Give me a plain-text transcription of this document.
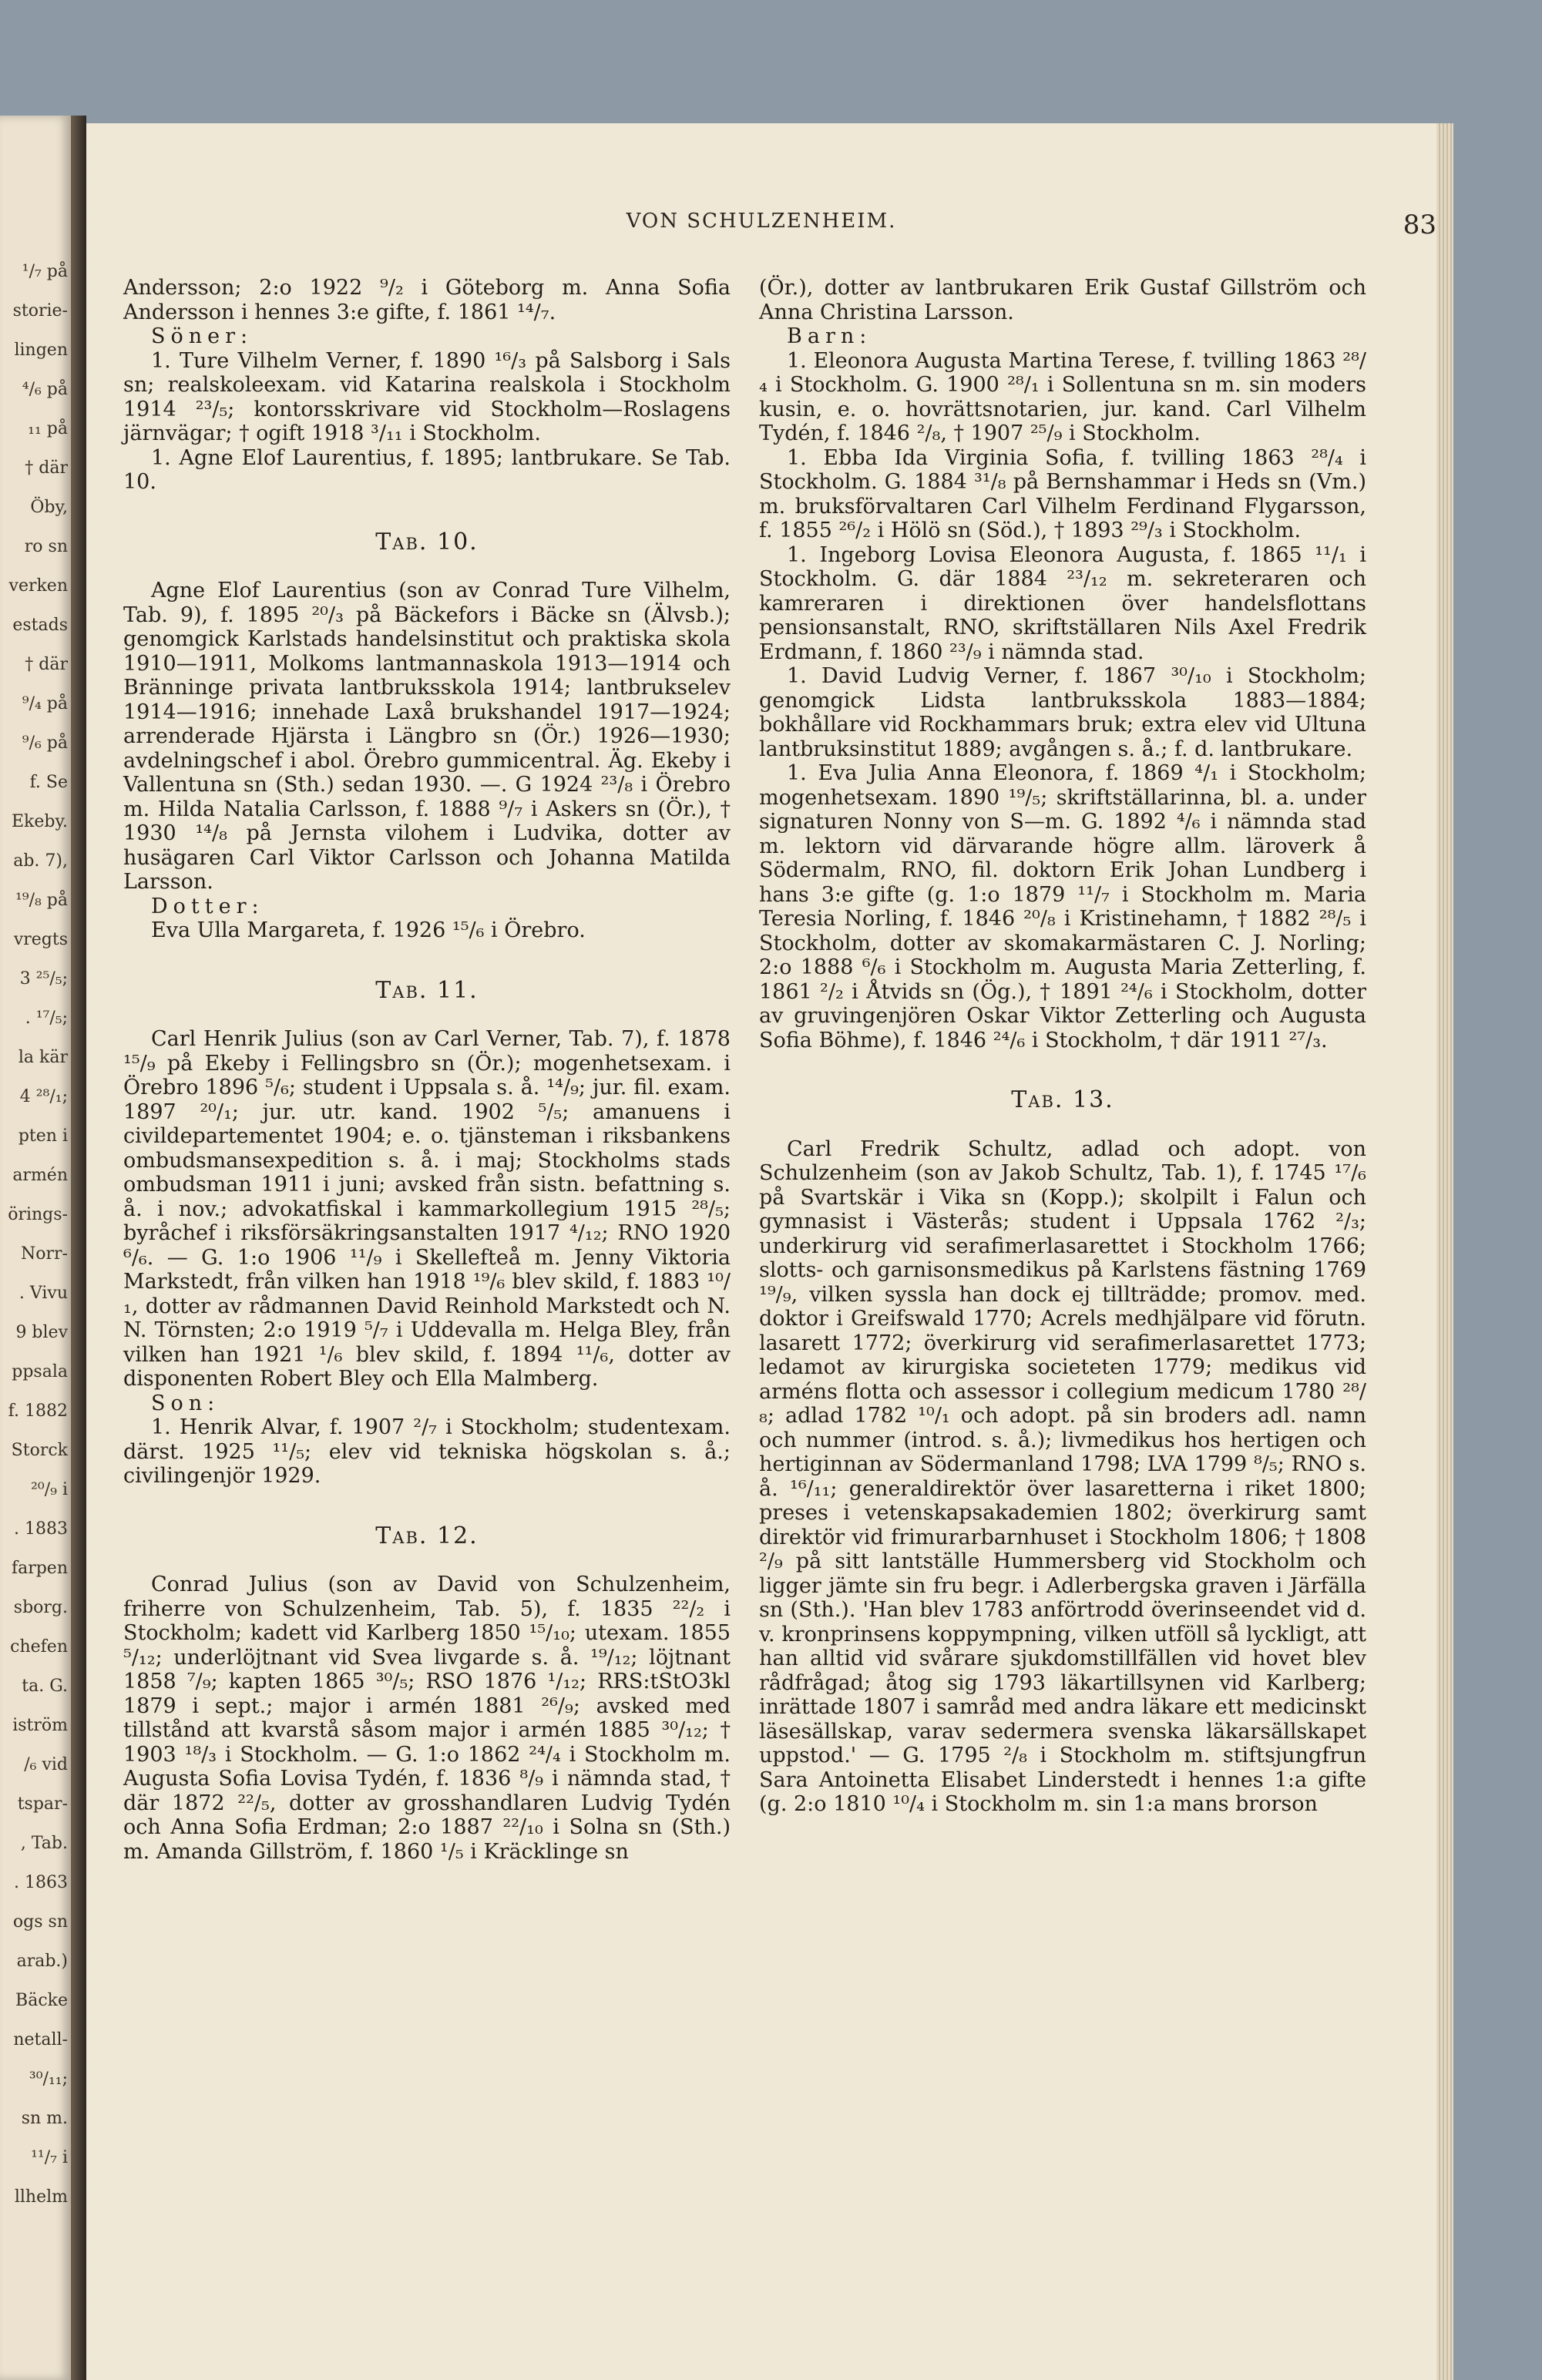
¹/₇ på
storie-
lingen
⁴/₆ på
₁₁ på
† där
Öby,
ro sn
verken
estads
† där
⁹/₄ på
⁹/₆ på
f. Se
Ekeby.
ab. 7),
¹⁹/₈ på
vregts
3 ²⁵/₅;
. ¹⁷/₅;
la kär
4 ²⁸/₁;
pten i
armén
örings-
Norr-
. Vivu
9 blev
ppsala
f. 1882
Storck
²⁰/₉ i
. 1883
farpen
sborg.
chefen
ta. G.
iström
/₆ vid
tspar-
, Tab.
. 1863
ogs sn
arab.)
Bäcke
netall-
³⁰/₁₁;
sn m.
¹¹/₇ i
llhelm
VON SCHULZENHEIM.	83

Andersson; 2:o 1922 ⁹/₂ i Göteborg m. Anna Sofia Andersson i hennes 3:e gifte, f. 1861 ¹⁴/₇.

Söner:

1. Ture Vilhelm Verner, f. 1890 ¹⁶/₃ på Salsborg i Sals sn; realskoleexam. vid Katarina realskola i Stockholm 1914 ²³/₅; kontorsskrivare vid Stockholm—Roslagens järnvägar; † ogift 1918 ³/₁₁ i Stockholm.

1. Agne Elof Laurentius, f. 1895; lantbrukare. Se Tab. 10.

Tab. 10.

Agne Elof Laurentius (son av Conrad Ture Vilhelm, Tab. 9), f. 1895 ²⁰/₃ på Bäckefors i Bäcke sn (Älvsb.); genomgick Karlstads handelsinstitut och praktiska skola 1910—1911, Molkoms lantmannaskola 1913—1914 och Bränninge privata lantbruksskola 1914; lantbrukselev 1914—1916; innehade Laxå brukshandel 1917—1924; arrenderade Hjärsta i Längbro sn (Ör.) 1926—1930; avdelningschef i abol. Örebro gummicentral. Äg. Ekeby i Vallentuna sn (Sth.) sedan 1930. —. G 1924 ²³/₈ i Örebro m. Hilda Natalia Carlsson, f. 1888 ⁹/₇ i Askers sn (Ör.), † 1930 ¹⁴/₈ på Jernsta vilohem i Ludvika, dotter av husägaren Carl Viktor Carlsson och Johanna Matilda Larsson.

Dotter:

Eva Ulla Margareta, f. 1926 ¹⁵/₆ i Örebro.

Tab. 11.

Carl Henrik Julius (son av Carl Verner, Tab. 7), f. 1878 ¹⁵/₉ på Ekeby i Fellingsbro sn (Ör.); mogenhetsexam. i Örebro 1896 ⁵/₆; student i Uppsala s. å. ¹⁴/₉; jur. fil. exam. 1897 ²⁰/₁; jur. utr. kand. 1902 ⁵/₅; amanuens i civildepartementet 1904; e. o. tjänsteman i riksbankens ombudsmansexpedition s. å. i maj; Stockholms stads ombudsman 1911 i juni; avsked från sistn. befattning s. å. i nov.; advokatfiskal i kammarkollegium 1915 ²⁸/₅; byråchef i riksförsäkringsanstalten 1917 ⁴/₁₂; RNO 1920 ⁶/₆. — G. 1:o 1906 ¹¹/₉ i Skellefteå m. Jenny Viktoria Markstedt, från vilken han 1918 ¹⁹/₆ blev skild, f. 1883 ¹⁰/₁, dotter av rådmannen David Reinhold Markstedt och N. N. Törnsten; 2:o 1919 ⁵/₇ i Uddevalla m. Helga Bley, från vilken han 1921 ¹/₆ blev skild, f. 1894 ¹¹/₆, dotter av disponenten Robert Bley och Ella Malmberg.

Son:

1. Henrik Alvar, f. 1907 ²/₇ i Stockholm; studentexam. därst. 1925 ¹¹/₅; elev vid tekniska högskolan s. å.; civilingenjör 1929.

Tab. 12.

Conrad Julius (son av David von Schulzenheim, friherre von Schulzenheim, Tab. 5), f. 1835 ²²/₂ i Stockholm; kadett vid Karlberg 1850 ¹⁵/₁₀; utexam. 1855 ⁵/₁₂; underlöjtnant vid Svea livgarde s. å. ¹⁹/₁₂; löjtnant 1858 ⁷/₉; kapten 1865 ³⁰/₅; RSO 1876 ¹/₁₂; RRS:tStO3kl 1879 i sept.; major i armén 1881 ²⁶/₉; avsked med tillstånd att kvarstå såsom major i armén 1885 ³⁰/₁₂; † 1903 ¹⁸/₃ i Stockholm. — G. 1:o 1862 ²⁴/₄ i Stockholm m. Augusta Sofia Lovisa Tydén, f. 1836 ⁸/₉ i nämnda stad, † där 1872 ²²/₅, dotter av grosshandlaren Ludvig Tydén och Anna Sofia Erdman; 2:o 1887 ²²/₁₀ i Solna sn (Sth.) m. Amanda Gillström, f. 1860 ¹/₅ i Kräcklinge sn

(Ör.), dotter av lantbrukaren Erik Gustaf Gillström och Anna Christina Larsson.

Barn:

1. Eleonora Augusta Martina Terese, f. tvilling 1863 ²⁸/₄ i Stockholm. G. 1900 ²⁸/₁ i Sollentuna sn m. sin moders kusin, e. o. hovrättsnotarien, jur. kand. Carl Vilhelm Tydén, f. 1846 ²/₈, † 1907 ²⁵/₉ i Stockholm.

1. Ebba Ida Virginia Sofia, f. tvilling 1863 ²⁸/₄ i Stockholm. G. 1884 ³¹/₈ på Bernshammar i Heds sn (Vm.) m. bruksförvaltaren Carl Vilhelm Ferdinand Flygarsson, f. 1855 ²⁶/₂ i Hölö sn (Söd.), † 1893 ²⁹/₃ i Stockholm.

1. Ingeborg Lovisa Eleonora Augusta, f. 1865 ¹¹/₁ i Stockholm. G. där 1884 ²³/₁₂ m. sekreteraren och kamreraren i direktionen över handelsflottans pensionsanstalt, RNO, skriftställaren Nils Axel Fredrik Erdmann, f. 1860 ²³/₉ i nämnda stad.

1. David Ludvig Verner, f. 1867 ³⁰/₁₀ i Stockholm; genomgick Lidsta lantbruksskola 1883—1884; bokhållare vid Rockhammars bruk; extra elev vid Ultuna lantbruksinstitut 1889; avgången s. å.; f. d. lantbrukare.

1. Eva Julia Anna Eleonora, f. 1869 ⁴/₁ i Stockholm; mogenhetsexam. 1890 ¹⁹/₅; skriftställarinna, bl. a. under signaturen Nonny von S—m. G. 1892 ⁴/₆ i nämnda stad m. lektorn vid därvarande högre allm. läroverk å Södermalm, RNO, fil. doktorn Erik Johan Lundberg i hans 3:e gifte (g. 1:o 1879 ¹¹/₇ i Stockholm m. Maria Teresia Norling, f. 1846 ²⁰/₈ i Kristinehamn, † 1882 ²⁸/₅ i Stockholm, dotter av skomakarmästaren C. J. Norling; 2:o 1888 ⁶/₆ i Stockholm m. Augusta Maria Zetterling, f. 1861 ²/₂ i Åtvids sn (Ög.), † 1891 ²⁴/₆ i Stockholm, dotter av gruvingenjören Oskar Viktor Zetterling och Augusta Sofia Böhme), f. 1846 ²⁴/₆ i Stockholm, † där 1911 ²⁷/₃.

Tab. 13.

Carl Fredrik Schultz, adlad och adopt. von Schulzenheim (son av Jakob Schultz, Tab. 1), f. 1745 ¹⁷/₆ på Svartskär i Vika sn (Kopp.); skolpilt i Falun och gymnasist i Västerås; student i Uppsala 1762 ²/₃; underkirurg vid serafimerlasarettet i Stockholm 1766; slotts- och garnisonsmedikus på Karlstens fästning 1769 ¹⁹/₉, vilken syssla han dock ej tillträdde; promov. med. doktor i Greifswald 1770; Acrels medhjälpare vid förutn. lasarett 1772; överkirurg vid serafimerlasarettet 1773; ledamot av kirurgiska societeten 1779; medikus vid arméns flotta och assessor i collegium medicum 1780 ²⁸/₈; adlad 1782 ¹⁰/₁ och adopt. på sin broders adl. namn och nummer (introd. s. å.); livmedikus hos hertigen och hertiginnan av Södermanland 1798; LVA 1799 ⁸/₅; RNO s. å. ¹⁶/₁₁; generaldirektör över lasaretterna i riket 1800; preses i vetenskapsakademien 1802; överkirurg samt direktör vid frimurarbarnhuset i Stockholm 1806; † 1808 ²/₉ på sitt lantställe Hummersberg vid Stockholm och ligger jämte sin fru begr. i Adlerbergska graven i Järfälla sn (Sth.). 'Han blev 1783 anförtrodd överinseendet vid d. v. kronprinsens koppympning, vilken utföll så lyckligt, att han alltid vid svårare sjukdomstillfällen vid hovet blev rådfrågad; åtog sig 1793 läkartillsynen vid Karlberg; inrättade 1807 i samråd med andra läkare ett medicinskt läsesällskap, varav sedermera svenska läkarsällskapet uppstod.' — G. 1795 ²/₈ i Stockholm m. stiftsjungfrun Sara Antoinetta Elisabet Linderstedt i hennes 1:a gifte (g. 2:o 1810 ¹⁰/₄ i Stockholm m. sin 1:a mans brorson
